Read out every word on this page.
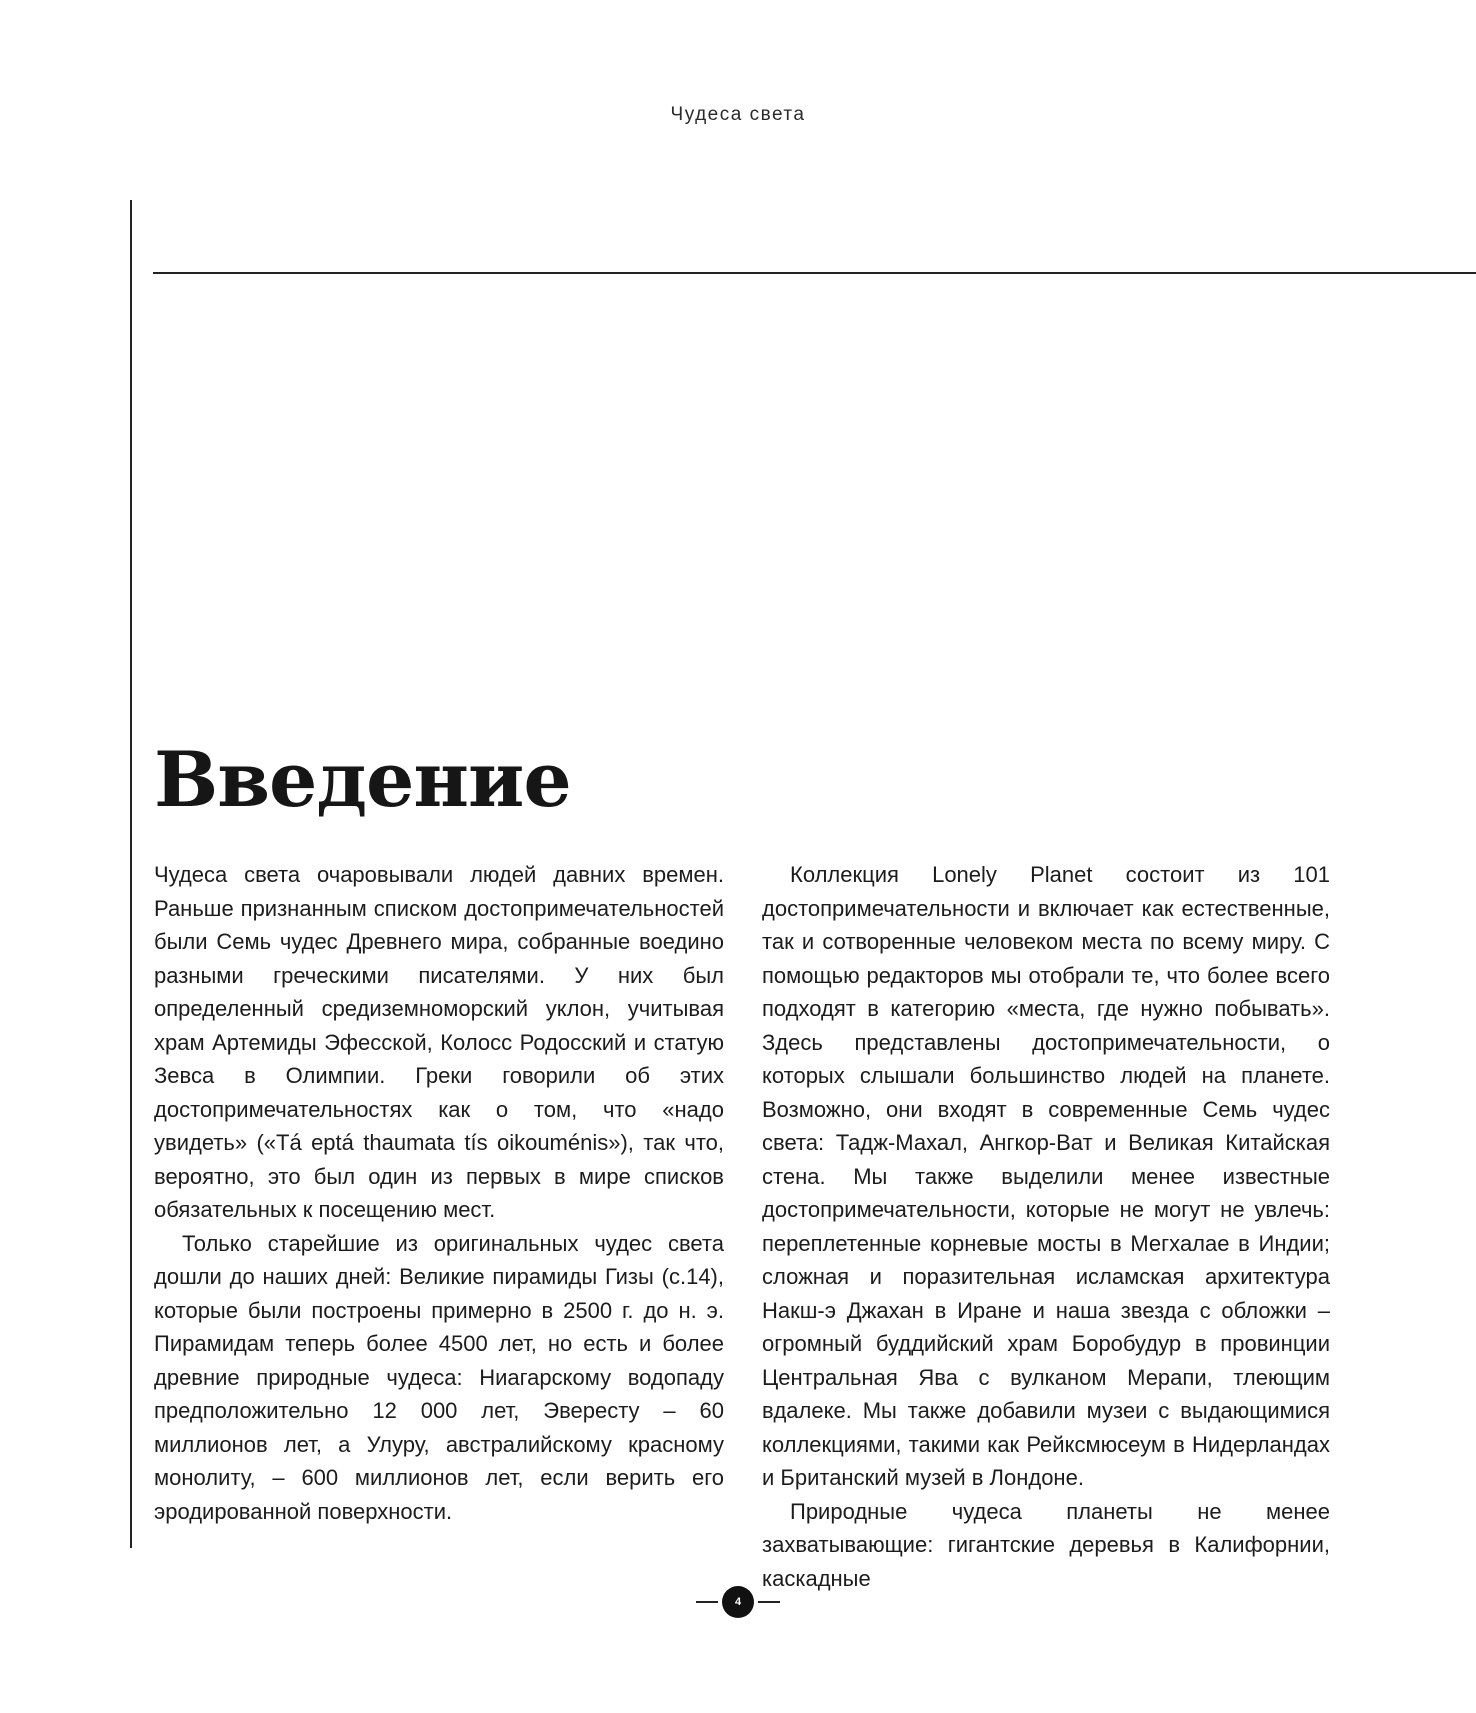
Чудеса света
Введение

Чудеса света очаровывали людей давних времен. Раньше признанным списком достопримечательностей были Семь чудес Древнего мира, собранные воедино разными греческими писателями. У них был определенный средиземноморский уклон, учитывая храм Артемиды Эфесской, Колосс Родосский и статую Зевса в Олимпии. Греки говорили об этих достопримечательностях как о том, что «надо увидеть» («Tá eptá thaumata tís oikouménis»), так что, вероятно, это был один из первых в мире списков обязательных к посещению мест.

Только старейшие из оригинальных чудес света дошли до наших дней: Великие пирамиды Гизы (с.14), которые были построены примерно в 2500 г. до н. э. Пирамидам теперь более 4500 лет, но есть и более древние природные чудеса: Ниагарскому водопаду предположительно 12 000 лет, Эвересту – 60 миллионов лет, а Улуру, австралийскому красному монолиту, – 600 миллионов лет, если верить его эродированной поверхности.

Коллекция Lonely Planet состоит из 101 достопримечательности и включает как естественные, так и сотворенные человеком места по всему миру. С помощью редакторов мы отобрали те, что более всего подходят в категорию «места, где нужно побывать». Здесь представлены достопримечательности, о которых слышали большинство людей на планете. Возможно, они входят в современные Семь чудес света: Тадж-Махал, Ангкор-Ват и Великая Китайская стена. Мы также выделили менее известные достопримечательности, которые не могут не увлечь: переплетенные корневые мосты в Мегхалае в Индии; сложная и поразительная исламская архитектура Накш-э Джахан в Иране и наша звезда с обложки – огромный буддийский храм Боробудур в провинции Центральная Ява с вулканом Мерапи, тлеющим вдалеке. Мы также добавили музеи с выдающимися коллекциями, такими как Рейксмюсеум в Нидерландах и Британский музей в Лондоне.

Природные чудеса планеты не менее захватывающие: гигантские деревья в Калифорнии, каскадные

4
